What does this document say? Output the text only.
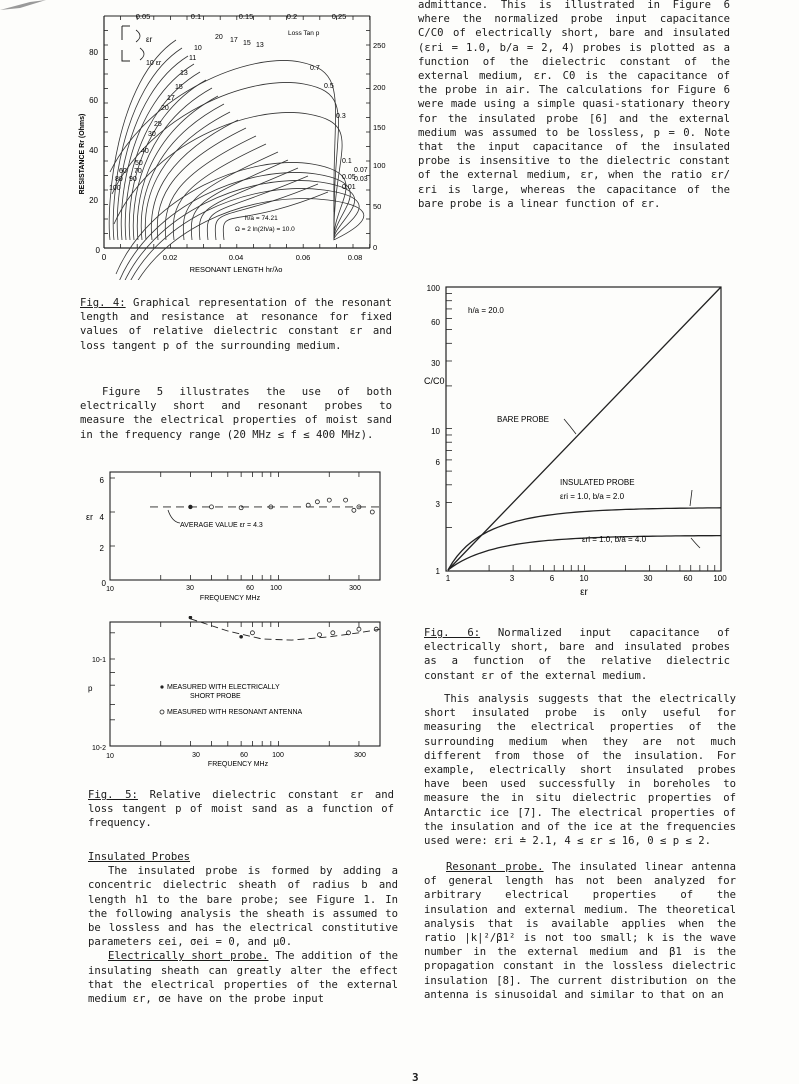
0.05	0.1	0.15	0.2	0.25
80
60
40
20
0
250
200
150
100
50
0
0	0.02	0.04	0.06	0.08
RESONANT LENGTH hr/λo
RESISTANCE Rr (Ohms)
Loss Tan p
εr
10 εr
20 17 15 13
10
11
13
15
17
20
25
30
40
50
60 70
80 90
100
0.7
0.5
0.3
0.1
0.07
0.05
0.03
0.01
h/a = 74.21
Ω = 2 ln(2h/a) = 10.0

Fig. 4: Graphical representation of the resonant length and resistance at resonance for fixed values of relative dielectric constant εr and loss tangent p of the surrounding medium.

Figure 5 illustrates the use of both electrically short and resonant probes to measure the electrical properties of moist sand in the frequency range (20 MHz ≤ f ≤ 400 MHz).

6
εr 4
2
0
10	30	60 100	300
FREQUENCY MHz
AVERAGE VALUE εr = 4.3
10-1
p
10-2
10	30	60	100	300
FREQUENCY MHz
MEASURED WITH ELECTRICALLY
SHORT PROBE
MEASURED WITH RESONANT ANTENNA

Fig. 5: Relative dielectric constant εr and loss tangent p of moist sand as a function of frequency.

Insulated Probes

The insulated probe is formed by adding a concentric dielectric sheath of radius b and length h1 to the bare probe; see Figure 1. In the following analysis the sheath is assumed to be lossless and has the electrical constitutive parameters εei, σei = 0, and μ0.

Electrically short probe. The addition of the insulating sheath can greatly alter the effect that the electrical properties of the external medium εr, σe have on the probe input

admittance. This is illustrated in Figure 6 where the normalized probe input capacitance C/C0 of electrically short, bare and insulated (εri = 1.0, b/a = 2, 4) probes is plotted as a function of the dielectric constant of the external medium, εr. C0 is the capacitance of the probe in air. The calculations for Figure 6 were made using a simple quasi-stationary theory for the insulated probe [6] and the external medium was assumed to be lossless, p = 0. Note that the input capacitance of the insulated probe is insensitive to the dielectric constant of the external medium, εr, when the ratio εr/εri is large, whereas the capacitance of the bare probe is a linear function of εr.

100
60
30
C/C0
10
6
3
1
1	3	6	10	30	60	100
εr
h/a = 20.0
BARE PROBE
INSULATED PROBE
εri = 1.0, b/a = 2.0
εri = 1.0, b/a = 4.0

Fig. 6: Normalized input capacitance of electrically short, bare and insulated probes as a function of the relative dielectric constant εr of the external medium.

This analysis suggests that the electrically short insulated probe is only useful for measuring the electrical properties of the surrounding medium when they are not much different from those of the insulation. For example, electrically short insulated probes have been used successfully in boreholes to measure the in situ dielectric properties of Antarctic ice [7]. The electrical properties of the insulation and of the ice at the frequencies used were: εri ≐ 2.1, 4 ≤ εr ≤ 16, 0 ≤ p ≤ 2.

Resonant probe. The insulated linear antenna of general length has not been analyzed for arbitrary electrical properties of the insulation and external medium. The theoretical analysis that is available applies when the ratio |k|²/β1² is not too small; k is the wave number in the external medium and β1 is the propagation constant in the lossless dielectric insulation [8]. The current distribution on the antenna is sinusoidal and similar to that on an

3
